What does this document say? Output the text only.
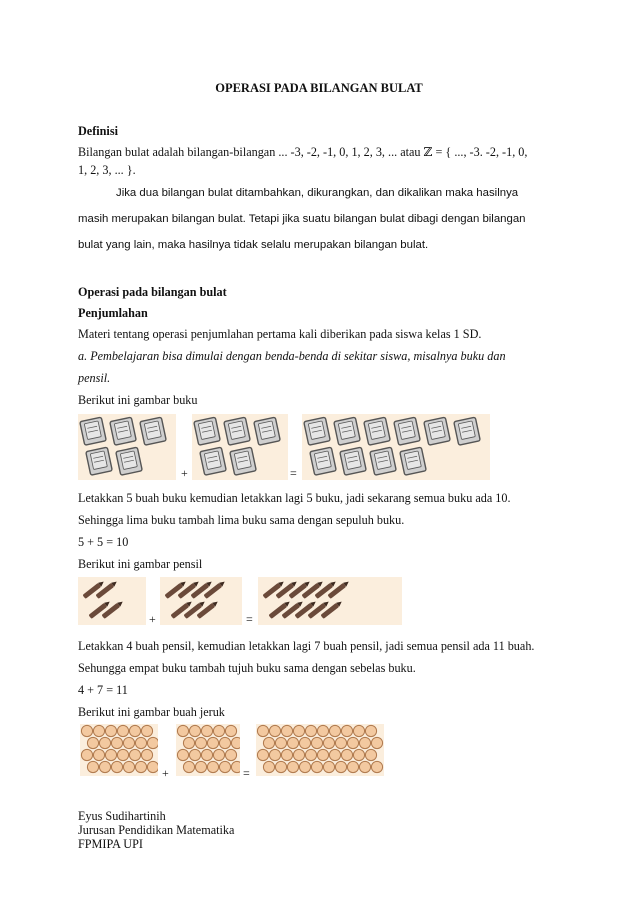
OPERASI PADA BILANGAN BULAT
Definisi
Bilangan bulat adalah bilangan-bilangan ... -3, -2, -1, 0, 1, 2, 3, ... atau ℤ = { ..., -3. -2, -1, 0,
1, 2, 3, ... }.
Jika dua bilangan bulat ditambahkan, dikurangkan, dan dikalikan maka hasilnya
masih merupakan bilangan bulat. Tetapi jika suatu bilangan bulat dibagi dengan bilangan
bulat yang lain, maka hasilnya tidak selalu merupakan bilangan bulat.
Operasi pada bilangan bulat
Penjumlahan
Materi tentang operasi penjumlahan pertama kali diberikan pada siswa kelas 1 SD.
a. Pembelajaran bisa dimulai dengan benda-benda di sekitar siswa, misalnya buku dan
pensil.
Berikut ini gambar buku
+	=
Letakkan 5 buah buku kemudian letakkan lagi 5 buku, jadi sekarang semua buku ada 10.
Sehingga lima buku tambah lima buku sama dengan sepuluh buku.
5 + 5 = 10
Berikut ini gambar pensil
+	=
Letakkan 4 buah pensil, kemudian letakkan lagi 7 buah pensil, jadi semua pensil ada 11 buah.
Sehungga empat buku tambah tujuh buku sama dengan sebelas buku.
4 + 7 = 11
Berikut ini gambar buah jeruk
+	=
Eyus Sudihartinih
Jurusan Pendidikan Matematika
FPMIPA UPI
